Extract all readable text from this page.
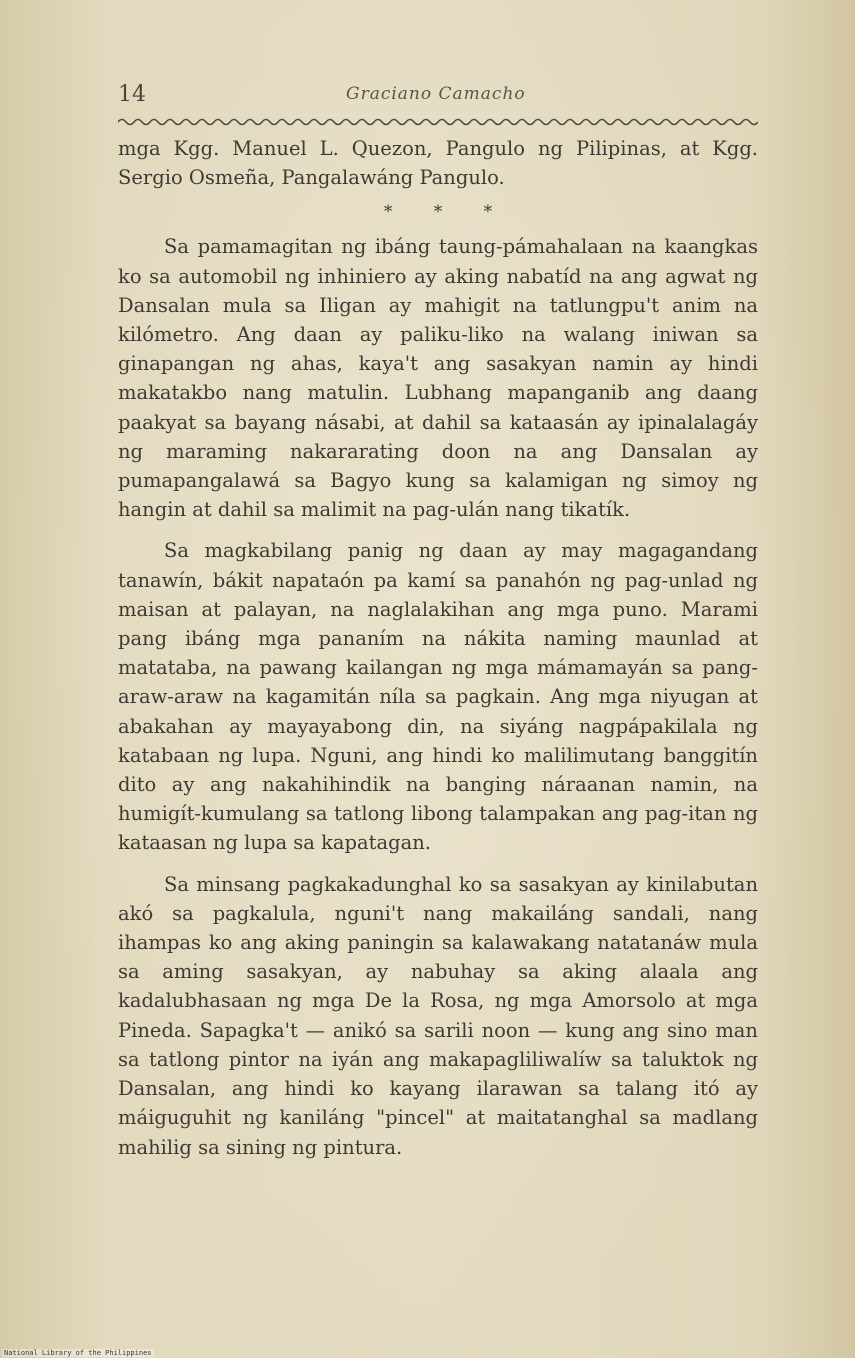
14	Graciano Camacho

mga Kgg. Manuel L. Quezon, Pangulo ng Pilipinas, at Kgg. Sergio Osmeña, Pangalawáng Pangulo.

* * *

Sa pamamagitan ng ibáng taung-pámahalaan na kaangkas ko sa automobil ng inhiniero ay aking nabatíd na ang agwat ng Dansalan mula sa Iligan ay mahigit na tatlungpu't anim na kilómetro. Ang daan ay paliku-liko na walang iniwan sa ginapangan ng ahas, kaya't ang sasakyan namin ay hindi makatakbo nang matulin. Lubhang mapanganib ang daang paakyat sa bayang násabi, at dahil sa kataasán ay ipinalalagáy ng maraming nakararating doon na ang Dansalan ay pumapangalawá sa Bagyo kung sa kalamigan ng simoy ng hangin at dahil sa malimit na pag-ulán nang tikatík.

Sa magkabilang panig ng daan ay may magagandang tanawín, bákit napataón pa kamí sa panahón ng pag-unlad ng maisan at palayan, na naglalakihan ang mga puno. Marami pang ibáng mga pananím na nákita naming maunlad at matataba, na pawang kailangan ng mga mámamayán sa pang-araw-araw na kagamitán níla sa pagkain. Ang mga niyugan at abakahan ay mayayabong din, na siyáng nagpápakilala ng katabaan ng lupa. Nguni, ang hindi ko malilimutang banggitín dito ay ang nakahihindik na banging náraanan namin, na humigít-kumulang sa tatlong libong talampakan ang pag-itan ng kataasan ng lupa sa kapatagan.

Sa minsang pagkakadunghal ko sa sasakyan ay kinilabutan akó sa pagkalula, nguni't nang makailáng sandali, nang ihampas ko ang aking paningin sa kalawakang natatanáw mula sa aming sasakyan, ay nabuhay sa aking alaala ang kadalubhasaan ng mga De la Rosa, ng mga Amorsolo at mga Pineda. Sapagka't — anikó sa sarili noon — kung ang sino man sa tatlong pintor na iyán ang makapagliliwalíw sa taluktok ng Dansalan, ang hindi ko kayang ilarawan sa talang itó ay máiguguhit ng kaniláng "pincel" at maitatanghal sa madlang mahilig sa sining ng pintura.

National Library of the Philippines
